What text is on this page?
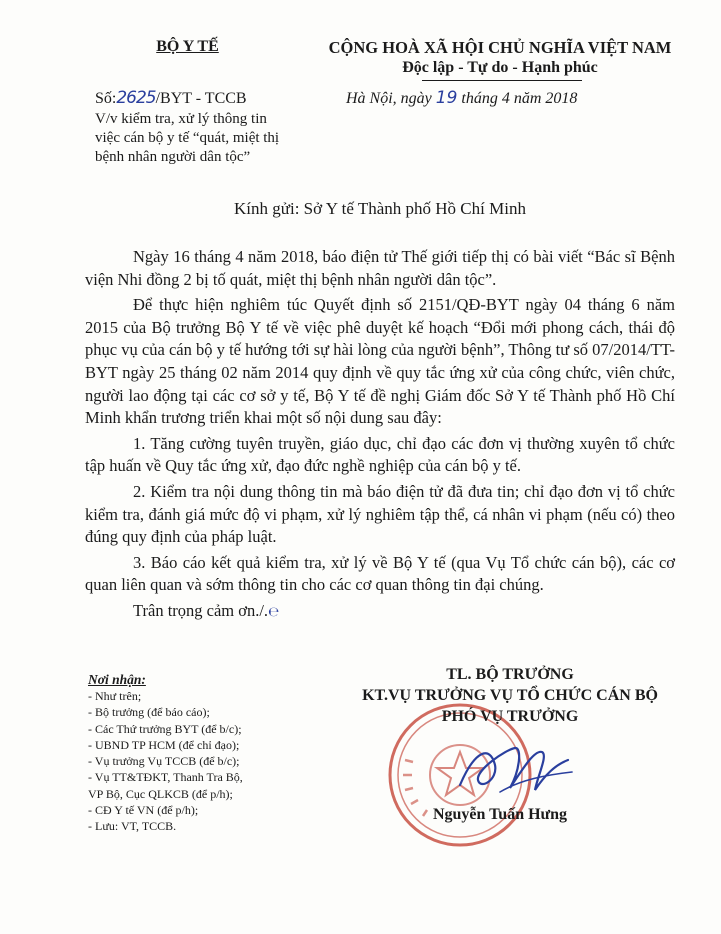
BỘ Y TẾ
Số:2625/BYT - TCCB
V/v kiểm tra, xử lý thông tin việc cán bộ y tế “quát, miệt thị bệnh nhân người dân tộc”
CỘNG HOÀ XÃ HỘI CHỦ NGHĨA VIỆT NAM
Độc lập - Tự do - Hạnh phúc
Hà Nội, ngày 19 tháng 4 năm 2018
Kính gửi: Sở Y tế Thành phố Hồ Chí Minh

Ngày 16 tháng 4 năm 2018, báo điện tử Thế giới tiếp thị có bài viết “Bác sĩ Bệnh viện Nhi đồng 2 bị tố quát, miệt thị bệnh nhân người dân tộc”.

Để thực hiện nghiêm túc Quyết định số 2151/QĐ-BYT ngày 04 tháng 6 năm 2015 của Bộ trưởng Bộ Y tế về việc phê duyệt kế hoạch “Đổi mới phong cách, thái độ phục vụ của cán bộ y tế hướng tới sự hài lòng của người bệnh”, Thông tư số 07/2014/TT-BYT ngày 25 tháng 02 năm 2014 quy định về quy tắc ứng xử của công chức, viên chức, người lao động tại các cơ sở y tế, Bộ Y tế đề nghị Giám đốc Sở Y tế Thành phố Hồ Chí Minh khẩn trương triển khai một số nội dung sau đây:

1. Tăng cường tuyên truyền, giáo dục, chỉ đạo các đơn vị thường xuyên tổ chức tập huấn về Quy tắc ứng xử, đạo đức nghề nghiệp của cán bộ y tế.

2. Kiểm tra nội dung thông tin mà báo điện tử đã đưa tin; chỉ đạo đơn vị tổ chức kiểm tra, đánh giá mức độ vi phạm, xử lý nghiêm tập thể, cá nhân vi phạm (nếu có) theo đúng quy định của pháp luật.

3. Báo cáo kết quả kiểm tra, xử lý về Bộ Y tế (qua Vụ Tổ chức cán bộ), các cơ quan liên quan và sớm thông tin cho các cơ quan thông tin đại chúng.

Trân trọng cảm ơn./.℮

Nơi nhận:
- Như trên;
- Bộ trưởng (để báo cáo);
- Các Thứ trưởng BYT (để b/c);
- UBND TP HCM (để chỉ đạo);
- Vụ trưởng Vụ TCCB (để b/c);
- Vụ TT&TĐKT, Thanh Tra Bộ,
VP Bộ, Cục QLKCB (để p/h);
- CĐ Y tế VN (để p/h);
- Lưu: VT, TCCB.
TL. BỘ TRƯỞNG
KT.VỤ TRƯỞNG VỤ TỔ CHỨC CÁN BỘ
PHÓ VỤ TRƯỞNG
Nguyễn Tuấn Hưng
